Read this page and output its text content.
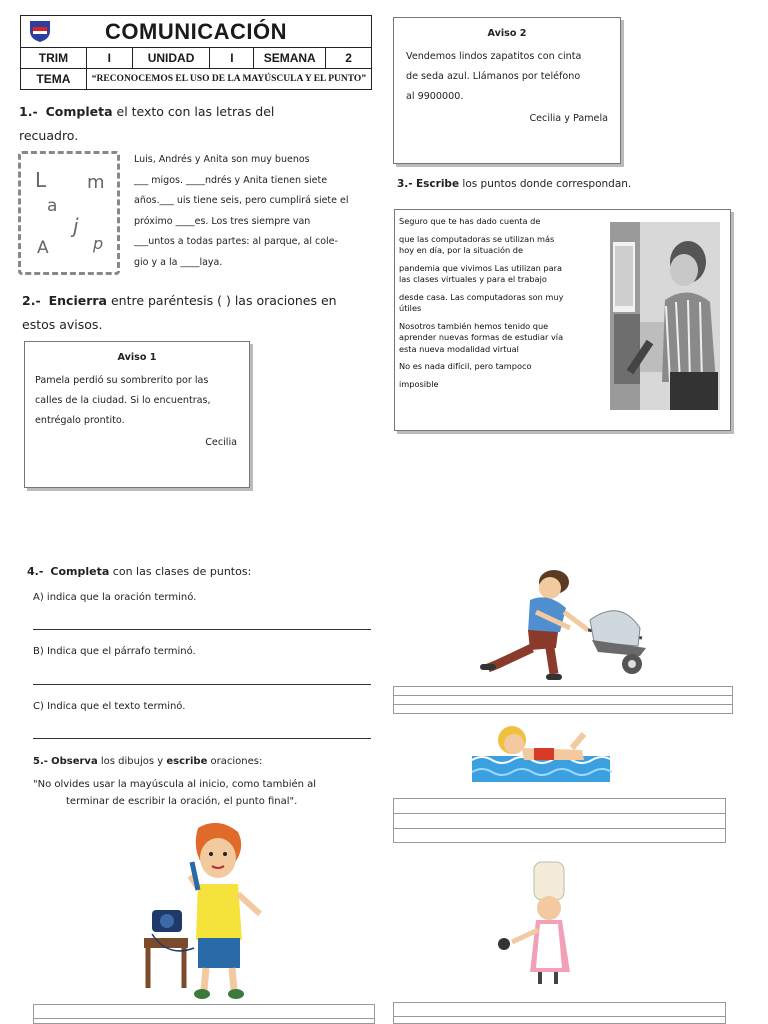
COMUNICACIÓN					
TRIM	I	UNIDAD	I	SEMANA	2
TEMA	“RECONOCEMOS EL USO DE LA MAYÚSCULA Y EL PUNTO”				
1.- Completa el texto con las letras del
recuadro.
L m
a
j
A	p
Luis, Andrés y Anita son muy buenos
___ migos. ____ndrés y Anita tienen siete
años.___ uis tiene seis, pero cumplirá siete el
próximo ____es. Los tres siempre van
___untos a todas partes: al parque, al cole-
gio y a la ____laya.
2.- Encierra entre paréntesis ( ) las oraciones en
estos avisos.
Aviso 1
Pamela perdió su sombrerito por las
calles de la ciudad. Si lo encuentras,
entrégalo prontito.
Cecilia
Aviso 2
Vendemos lindos zapatitos con cinta
de seda azul. Llámanos por teléfono
al 9900000.
Cecilia y Pamela
3.- Escribe los puntos donde correspondan.

Seguro que te has dado cuenta de

que las computadoras se utilizan más
hoy en día, por la situación de

pandemia que vivimos Las utilizan para
las clases virtuales y para el trabajo

desde casa. Las computadoras son muy
útiles

Nosotros también hemos tenido que
aprender nuevas formas de estudiar vía
esta nueva modalidad virtual

No es nada difícil, pero tampoco

imposible

4.- Completa con las clases de puntos:
A) indica que la oración terminó.
B) Indica que el párrafo terminó.
C) Indica que el texto terminó.
5.- Observa los dibujos y escribe oraciones:
"No olvides usar la mayúscula al inicio, como también al
terminar de escribir la oración, el punto final".
